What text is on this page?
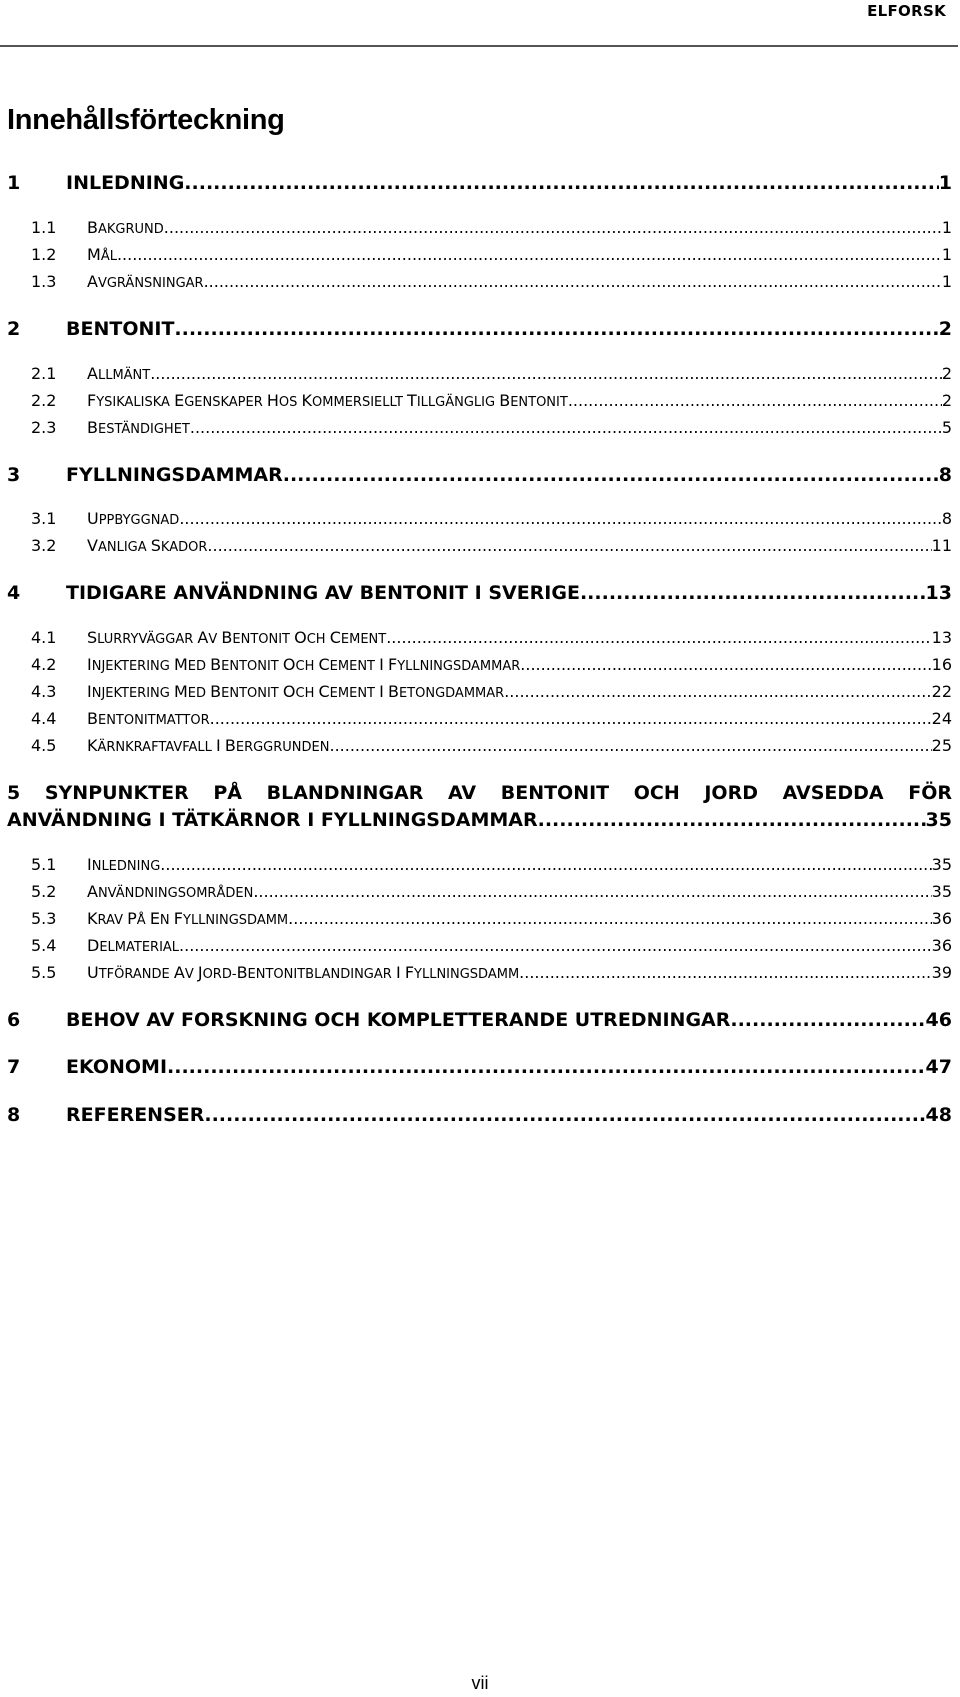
ELFORSK
Innehållsförteckning
1	INLEDNING .....	1
1.1	BAKGRUND .....	1
1.2	MÅL .....	1
1.3	AVGRÄNSNINGAR .....	1
2	BENTONIT .....	2
2.1	ALLMÄNT .....	2
2.2	FYSIKALISKA EGENSKAPER HOS KOMMERSIELLT TILLGÄNGLIG BENTONIT .....	2
2.3	BESTÄNDIGHET .....	5
3	FYLLNINGSDAMMAR .....	8
3.1	UPPBYGGNAD .....	8
3.2	VANLIGA SKADOR .....	11
4	TIDIGARE ANVÄNDNING AV BENTONIT I SVERIGE .....	13
4.1	SLURRYVÄGGAR AV BENTONIT OCH CEMENT .....	13
4.2	INJEKTERING MED BENTONIT OCH CEMENT I FYLLNINGSDAMMAR .....	16
4.3	INJEKTERING MED BENTONIT OCH CEMENT I BETONGDAMMAR .....	22
4.4	BENTONITMATTOR .....	24
4.5	KÄRNKRAFTAVFALL I BERGGRUNDEN .....	25
5 SYNPUNKTER PÅ BLANDNINGAR AV BENTONIT OCH JORD AVSEDDA FÖR
ANVÄNDNING I TÄTKÄRNOR I FYLLNINGSDAMMAR .....	35
5.1	INLEDNING .....	35
5.2	ANVÄNDNINGSOMRÅDEN .....	35
5.3	KRAV PÅ EN FYLLNINGSDAMM .....	36
5.4	DELMATERIAL .....	36
5.5	UTFÖRANDE AV JORD-BENTONITBLANDINGAR I FYLLNINGSDAMM .....	39
6	BEHOV AV FORSKNING OCH KOMPLETTERANDE UTREDNINGAR .....	46
7	EKONOMI .....	47
8	REFERENSER .....	48
vii
